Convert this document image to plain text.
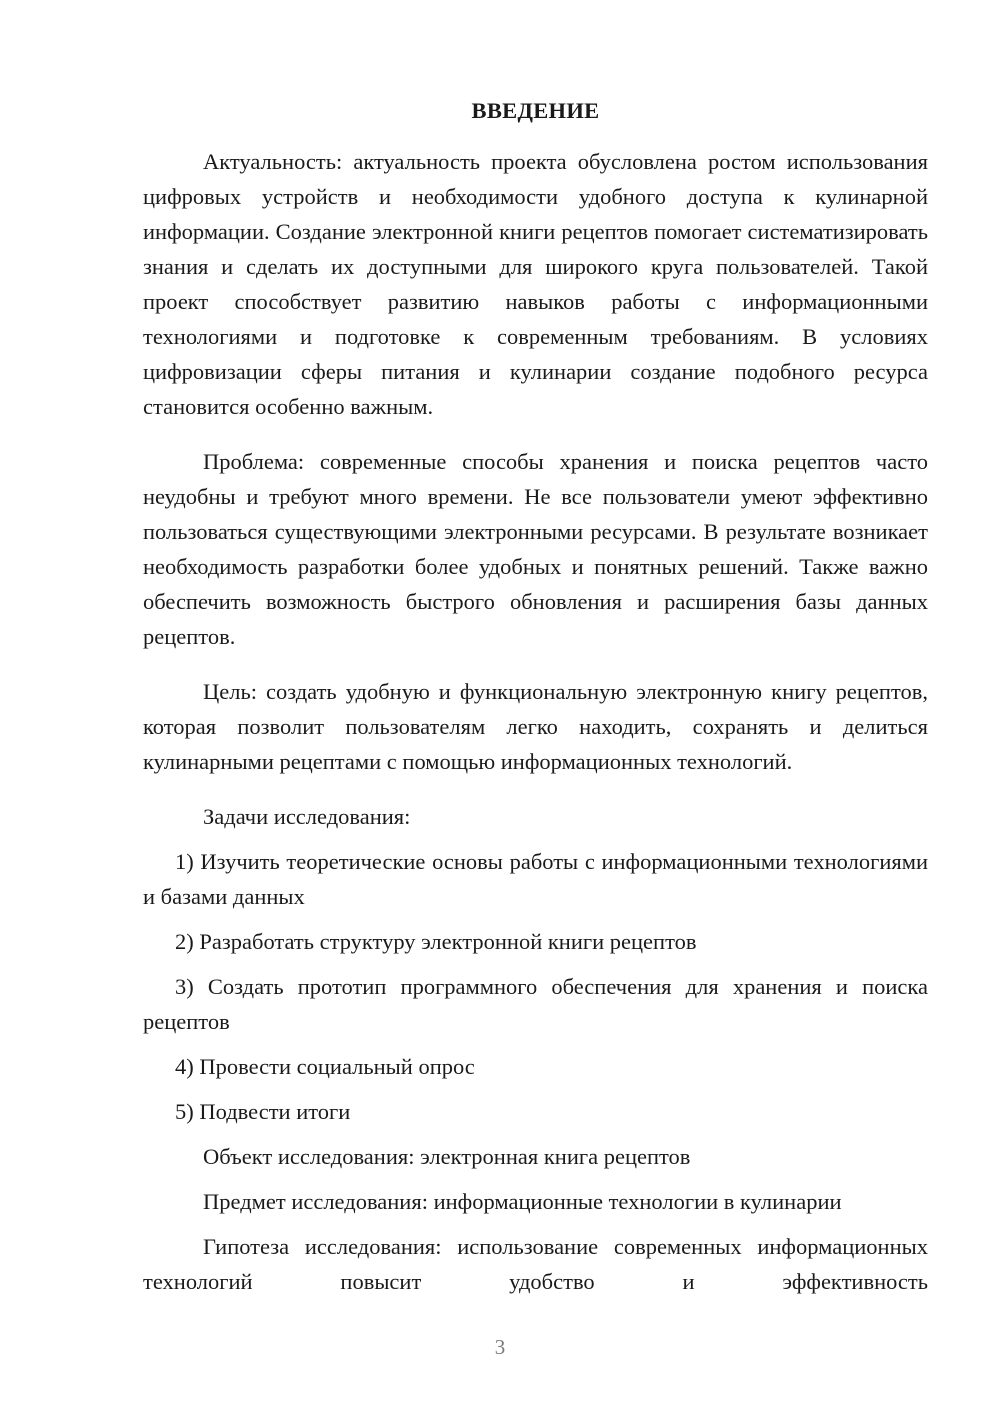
ВВЕДЕНИЕ

Актуальность: актуальность проекта обусловлена ростом использования цифровых устройств и необходимости удобного доступа к кулинарной информации. Создание электронной книги рецептов помогает систематизировать знания и сделать их доступными для широкого круга пользователей. Такой проект способствует развитию навыков работы с информационными технологиями и подготовке к современным требованиям. В условиях цифровизации сферы питания и кулинарии создание подобного ресурса становится особенно важным.

Проблема: современные способы хранения и поиска рецептов часто неудобны и требуют много времени. Не все пользователи умеют эффективно пользоваться существующими электронными ресурсами. В результате возникает необходимость разработки более удобных и понятных решений. Также важно обеспечить возможность быстрого обновления и расширения базы данных рецептов.

Цель: создать удобную и функциональную электронную книгу рецептов, которая позволит пользователям легко находить, сохранять и делиться кулинарными рецептами с помощью информационных технологий.

Задачи исследования:

1) Изучить теоретические основы работы с информационными технологиями и базами данных

2) Разработать структуру электронной книги рецептов

3) Создать прототип программного обеспечения для хранения и поиска рецептов

4) Провести социальный опрос

5) Подвести итоги

Объект исследования: электронная книга рецептов

Предмет исследования: информационные технологии в кулинарии

Гипотеза исследования: использование современных информационных технологий повысит удобство и эффективность

3
